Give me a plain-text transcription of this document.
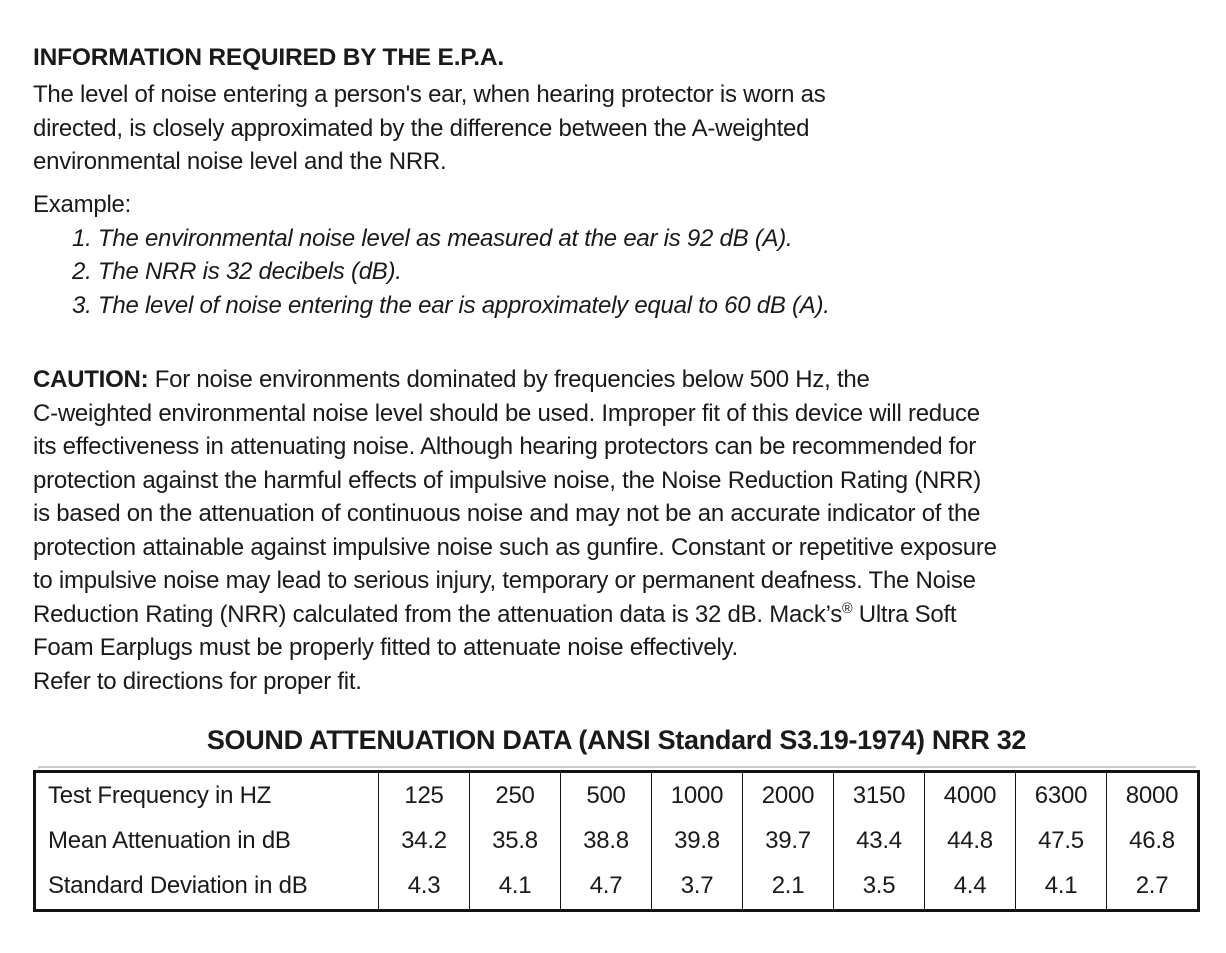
INFORMATION REQUIRED BY THE E.P.A.
The level of noise entering a person's ear, when hearing protector is worn as
directed, is closely approximated by the difference between the A-weighted
environmental noise level and the NRR.
Example:
1. The environmental noise level as measured at the ear is 92 dB (A).
2. The NRR is 32 decibels (dB).
3. The level of noise entering the ear is approximately equal to 60 dB (A).
CAUTION: For noise environments dominated by frequencies below 500 Hz, the
C-weighted environmental noise level should be used. Improper fit of this device will reduce
its effectiveness in attenuating noise. Although hearing protectors can be recommended for
protection against the harmful effects of impulsive noise, the Noise Reduction Rating (NRR)
is based on the attenuation of continuous noise and may not be an accurate indicator of the
protection attainable against impulsive noise such as gunfire. Constant or repetitive exposure
to impulsive noise may lead to serious injury, temporary or permanent deafness. The Noise
Reduction Rating (NRR) calculated from the attenuation data is 32 dB. Mack’s® Ultra Soft
Foam Earplugs must be properly fitted to attenuate noise effectively.
Refer to directions for proper fit.
SOUND ATTENUATION DATA (ANSI Standard S3.19-1974) NRR 32
Test Frequency in HZ	125	250	500	1000	2000	3150	4000	6300	8000
Mean Attenuation in dB	34.2	35.8	38.8	39.8	39.7	43.4	44.8	47.5	46.8
Standard Deviation in dB	4.3	4.1	4.7	3.7	2.1	3.5	4.4	4.1	2.7
